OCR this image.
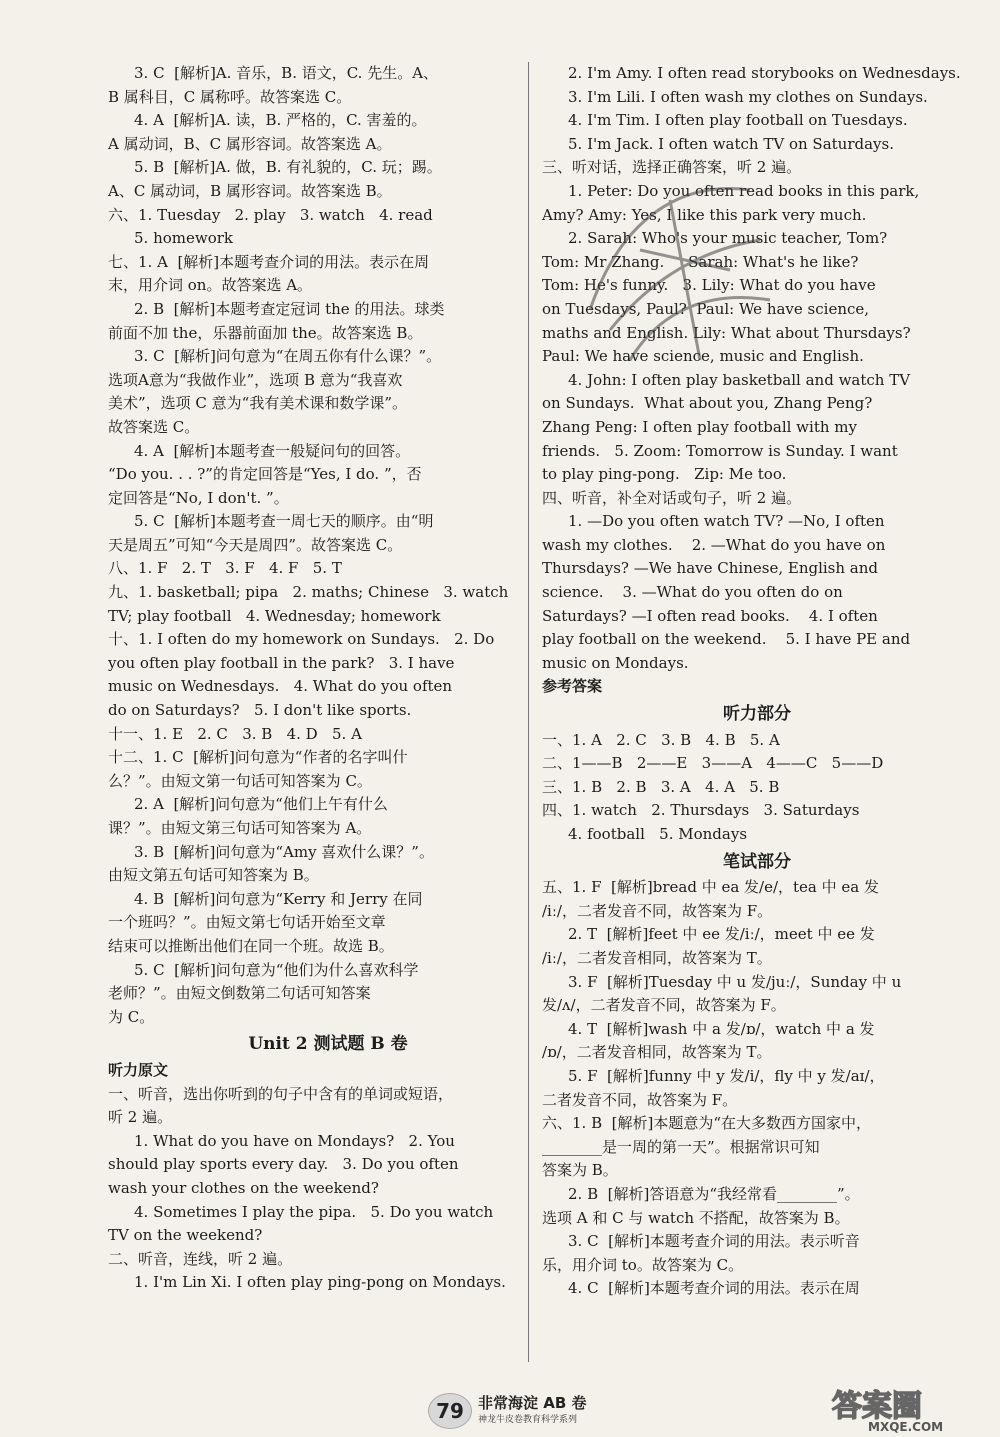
3. C  [解析]A. 音乐，B. 语文，C. 先生。A、
B 属科目，C 属称呼。故答案选 C。
4. A  [解析]A. 读，B. 严格的，C. 害羞的。
A 属动词，B、C 属形容词。故答案选 A。
5. B  [解析]A. 做，B. 有礼貌的，C. 玩；踢。
A、C 属动词，B 属形容词。故答案选 B。
六、1. Tuesday   2. play   3. watch   4. read
5. homework
七、1. A  [解析]本题考查介词的用法。表示在周
末，用介词 on。故答案选 A。
2. B  [解析]本题考查定冠词 the 的用法。球类
前面不加 the，乐器前面加 the。故答案选 B。
3. C  [解析]问句意为“在周五你有什么课？”。
选项A意为“我做作业”，选项 B 意为“我喜欢
美术”，选项 C 意为“我有美术课和数学课”。
故答案选 C。
4. A  [解析]本题考查一般疑问句的回答。
“Do you. . . ?”的肯定回答是“Yes, I do. ”，否
定回答是“No, I don't. ”。
5. C  [解析]本题考查一周七天的顺序。由“明
天是周五”可知“今天是周四”。故答案选 C。
八、1. F   2. T   3. F   4. F   5. T
九、1. basketball; pipa   2. maths; Chinese   3. watch
TV; play football   4. Wednesday; homework
十、1. I often do my homework on Sundays.   2. Do
you often play football in the park?   3. I have
music on Wednesdays.   4. What do you often
do on Saturdays?   5. I don't like sports.
十一、1. E   2. C   3. B   4. D   5. A
十二、1. C  [解析]问句意为“作者的名字叫什
么？”。由短文第一句话可知答案为 C。
2. A  [解析]问句意为“他们上午有什么
课？”。由短文第三句话可知答案为 A。
3. B  [解析]问句意为“Amy 喜欢什么课？”。
由短文第五句话可知答案为 B。
4. B  [解析]问句意为“Kerry 和 Jerry 在同
一个班吗？”。由短文第七句话开始至文章
结束可以推断出他们在同一个班。故选 B。
5. C  [解析]问句意为“他们为什么喜欢科学
老师？”。由短文倒数第二句话可知答案
为 C。
Unit 2 测试题 B 卷
听力原文
一、听音，选出你听到的句子中含有的单词或短语，
听 2 遍。
1. What do you have on Mondays?   2. You
should play sports every day.   3. Do you often
wash your clothes on the weekend?
4. Sometimes I play the pipa.   5. Do you watch
TV on the weekend?
二、听音，连线，听 2 遍。
1. I'm Lin Xi. I often play ping-pong on Mondays.
2. I'm Amy. I often read storybooks on Wednesdays.
3. I'm Lili. I often wash my clothes on Sundays.
4. I'm Tim. I often play football on Tuesdays.
5. I'm Jack. I often watch TV on Saturdays.
三、听对话，选择正确答案，听 2 遍。
1. Peter: Do you often read books in this park,
Amy? Amy: Yes, I like this park very much.
2. Sarah: Who's your music teacher, Tom?
Tom: Mr Zhang.     Sarah: What's he like?
Tom: He's funny.   3. Lily: What do you have
on Tuesdays, Paul?  Paul: We have science,
maths and English. Lily: What about Thursdays?
Paul: We have science, music and English.
4. John: I often play basketball and watch TV
on Sundays.  What about you, Zhang Peng?
Zhang Peng: I often play football with my
friends.   5. Zoom: Tomorrow is Sunday. I want
to play ping-pong.   Zip: Me too.
四、听音，补全对话或句子，听 2 遍。
1. —Do you often watch TV? —No, I often
wash my clothes.    2. —What do you have on
Thursdays? —We have Chinese, English and
science.    3. —What do you often do on
Saturdays? —I often read books.    4. I often
play football on the weekend.    5. I have PE and
music on Mondays.
参考答案
听力部分
一、1. A   2. C   3. B   4. B   5. A
二、1——B   2——E   3——A   4——C   5——D
三、1. B   2. B   3. A   4. A   5. B
四、1. watch   2. Thursdays   3. Saturdays
4. football   5. Mondays
笔试部分
五、1. F  [解析]bread 中 ea 发/e/，tea 中 ea 发
/iː/，二者发音不同，故答案为 F。
2. T  [解析]feet 中 ee 发/iː/，meet 中 ee 发
/iː/，二者发音相同，故答案为 T。
3. F  [解析]Tuesday 中 u 发/juː/，Sunday 中 u
发/ʌ/，二者发音不同，故答案为 F。
4. T  [解析]wash 中 a 发/ɒ/，watch 中 a 发
/ɒ/，二者发音相同，故答案为 T。
5. F  [解析]funny 中 y 发/i/，fly 中 y 发/aɪ/，
二者发音不同，故答案为 F。
六、1. B  [解析]本题意为“在大多数西方国家中，
________是一周的第一天”。根据常识可知
答案为 B。
2. B  [解析]答语意为“我经常看________”。
选项 A 和 C 与 watch 不搭配，故答案为 B。
3. C  [解析]本题考查介词的用法。表示听音
乐，用介词 to。故答案为 C。
4. C  [解析]本题考查介词的用法。表示在周
79 非常海淀 AB 卷
神龙牛皮卷教育科学系列	答案圈
MXQE.COM
